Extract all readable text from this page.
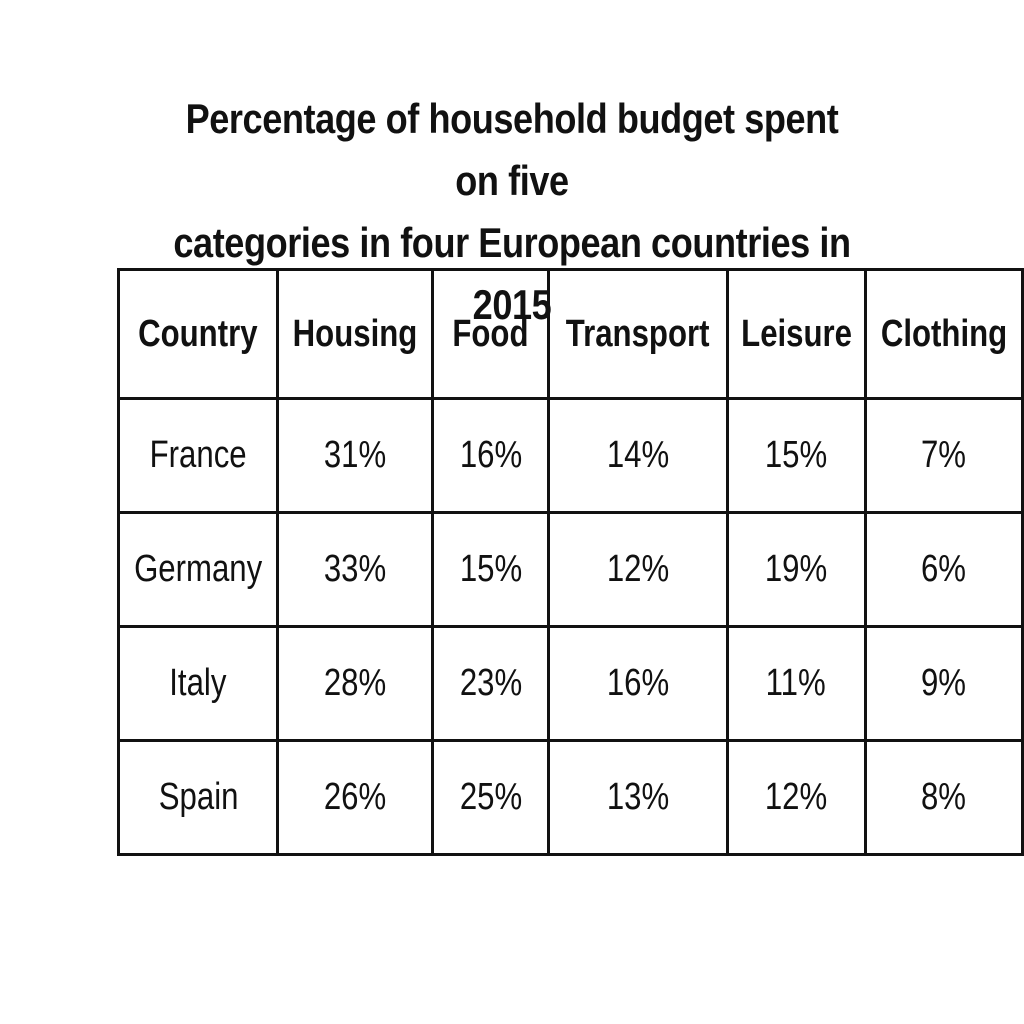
Percentage of household budget spent on five
categories in four European countries in 2015
Country	Housing	Food	Transport	Leisure	Clothing
France	31%	16%	14%	15%	7%
Germany	33%	15%	12%	19%	6%
Italy	28%	23%	16%	11%	9%
Spain	26%	25%	13%	12%	8%
